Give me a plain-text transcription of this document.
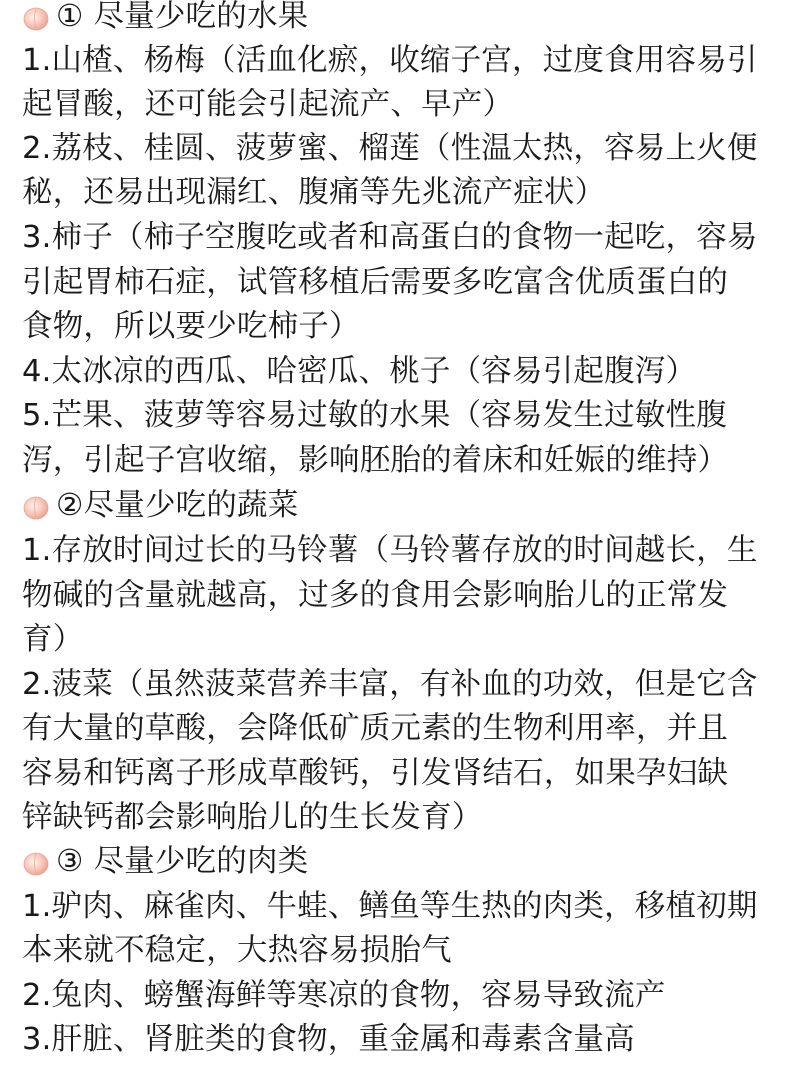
① 尽量少吃的水果
1.山楂、杨梅（活血化瘀，收缩子宫，过度食用容易引
起冒酸，还可能会引起流产、早产）
2.荔枝、桂圆、菠萝蜜、榴莲（性温太热，容易上火便
秘，还易出现漏红、腹痛等先兆流产症状）
3.柿子（柿子空腹吃或者和高蛋白的食物一起吃，容易
引起胃柿石症，试管移植后需要多吃富含优质蛋白的
食物，所以要少吃柿子）
4.太冰凉的西瓜、哈密瓜、桃子（容易引起腹泻）
5.芒果、菠萝等容易过敏的水果（容易发生过敏性腹
泻，引起子宫收缩，影响胚胎的着床和妊娠的维持）
②尽量少吃的蔬菜
1.存放时间过长的马铃薯（马铃薯存放的时间越长，生
物碱的含量就越高，过多的食用会影响胎儿的正常发
育）
2.菠菜（虽然菠菜营养丰富，有补血的功效，但是它含
有大量的草酸，会降低矿质元素的生物利用率，并且
容易和钙离子形成草酸钙，引发肾结石，如果孕妇缺
锌缺钙都会影响胎儿的生长发育）
③ 尽量少吃的肉类
1.驴肉、麻雀肉、牛蛙、鳝鱼等生热的肉类，移植初期
本来就不稳定，大热容易损胎气
2.兔肉、螃蟹海鲜等寒凉的食物，容易导致流产
3.肝脏、肾脏类的食物，重金属和毒素含量高
